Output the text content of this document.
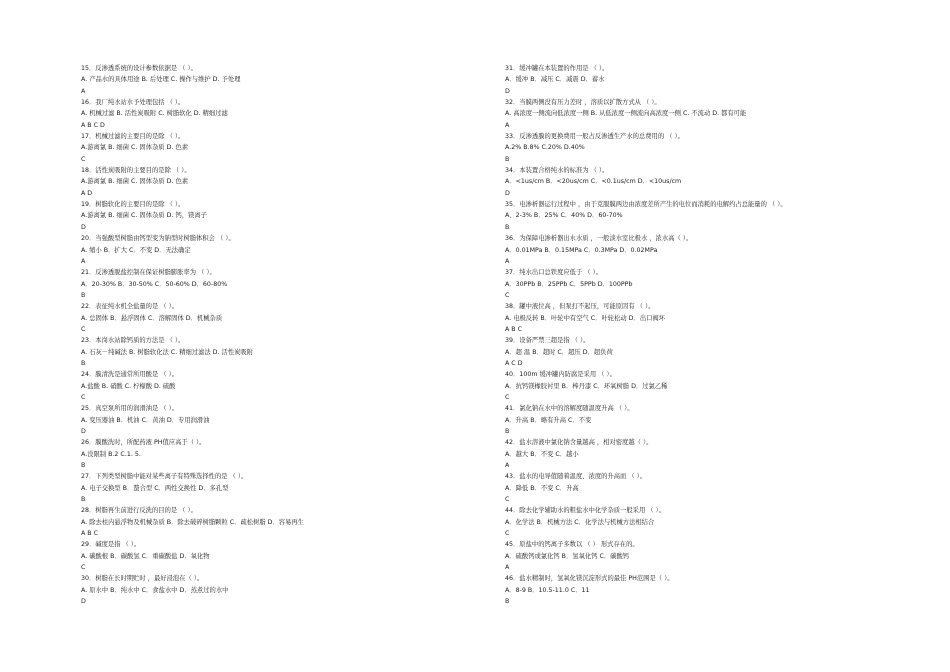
15．反渗透系统的设计参数依据是 （ ）。
A. 产品水的具体用途 B. 后处理 C. 操作与维护 D. 予处理
A
16．我厂纯水站水予处理包括 （ ）。
A. 机械过滤 B. 活性炭吸附 C. 树脂软化 D. 精细过滤
A B C D
17．机械过滤的主要目的是除 （ ）。
A.游离氯 B. 细菌 C. 固体杂质 D. 色素
C
18．活性炭吸附的主要目的是除 （ ）。
A.游离氯 B. 细菌 C. 固体杂质 D. 色素
A D
19．树脂软化的主要目的是除 （ ）。
A.游离氯 B. 细菌 C. 固体杂质 D. 钙，镁离子
D
20．当强酸型树脂由钙型变为钠型时树脂体积会 （ ）。
A. 缩小 B．扩大 C．不变 D．无法确定
A
21．反渗透脱盐控制在保证树脂膨胀率为 （ ）。
A．20-30% B．30-50% C．50-60% D．60-80%
B
22．表征纯水机全盐量的是 （ ）。
A. 总固体 B．悬浮固体 C．溶解固体 D．机械杂质
C
23．本岗水站除钙质的方法是 （ ）。
A. 石灰－纯碱法 B. 树脂软化法 C. 精细过滤法 D. 活性炭吸附
B
24．膜清洗是通常所用酸是 （ ）。
A.盐酸 B. 硝酸 C. 柠檬酸 D. 硫酸
C
25．真空泵所用的润滑油是 （ ）。
A. 变压器油 B．机油 C．黄油 D．专用润滑油
D
26．膜酸洗时，所配药液 PH值应高于（ ）。
A.没限制 B.2 C.1. 5.
B
27．下列类型树脂中能对某些离子有特殊选择性的是 （ ）。
A. 电子交换型 B．螯合型 C．两性交换性 D．多孔型
B
28．树脂再生前进行反洗的目的是 （ ）。
A. 除去柱内悬浮物及机械杂质 B．除去破碎树脂颗粒 C．疏松树脂 D．容易再生
A B C
29．碱度是指 （ ）。
A. 碳酸根 B．碳酸氢 C．重碳酸盐 D．氧化物
C
30．树脂在长时期贮时 ，最好浸泡在（ ）。
A. 原水中 B．纯水中 C．食盐水中 D．蒸煮过的水中
D
31．缓冲罐在本装置的作用是 （ ）。
A．缓冲 B．减压 C．减震 D．蓄水
D
32．当膜两侧没有压力差时 ，溶质以扩散方式从 （ ）。
A. 高浓度一侧流向低浓度一侧 B. 从低浓度一侧流向高浓度一侧 C. 不流动 D. 都有可能
A
33．反渗透膜的更换费用一般占反渗透生产水的总费用的 （ ）。
A.2% B.8% C.20% D.40%
B
34．本装置合格纯水的标准为 （ ）。
A．<1us/cm B．<20us/cm C．<0.1us/cm D．<10us/cm
D
35．电渗析器运行过程中 ，由于克服膜两边由浓度差所产生的电位而消耗的电解约占总能量的 （ ）。
A、2-3% B．25% C．40% D．60-70%
B
36．为保障电渗析器出水水质 ，一般淡水室比极水 ，浓水高（ ）。
A．0.01MPa B．0.15MPa C．0.3MPa D．0.02MPa
A
37．纯水出口总铁度应低于 （ ）。
A．30PPb B．25PPb C．5PPb D．100PPb
C
38．罐中液位高 ，但泵打不起压，可能原因有 （ ）。
A. 电极反转 B．叶轮中有空气 C．叶轮松动 D．出口阀坏
A B C
39．设备严禁三超是指 （ ）。
A．超 温 B．超时 C．超压 D．超负荷
A C D
40．100m 缓冲罐内防腐是采用 （ ）。
A．抗钙镁橡胶衬里 B．棒丹漆 C．环氧树脂 D．过氯乙稀
C
41．氯化钠在水中的溶解度随温度升高 （ ）。
A．升高 B．略有升高 C．不变
B
42．盐水溶液中氯化钠含量越高 ，相对密度越（ ）。
A．越大 B．不变 C．越小
A
43．盐水的电导值随着温度、浓度的升高而 （ ）。
A．降低 B．不变 C．升高
C
44．除去化学辅助水的粗盐水中化学杂质一般采用 （ ）。
A．化学法 B．机械方法 C．化学法与机械方法相结合
C
45．原盐中的钙离子多数以 （ ） 形式存在的。
A．硫酸钙或氯化钙 B．氢氧化钙 C．碳酸钙
A
46．盐水精制时，氢氧化镁沉淀形式的最佳 PH范围是（ ）。
A．8-9 B．10.5-11.0 C．11
B
